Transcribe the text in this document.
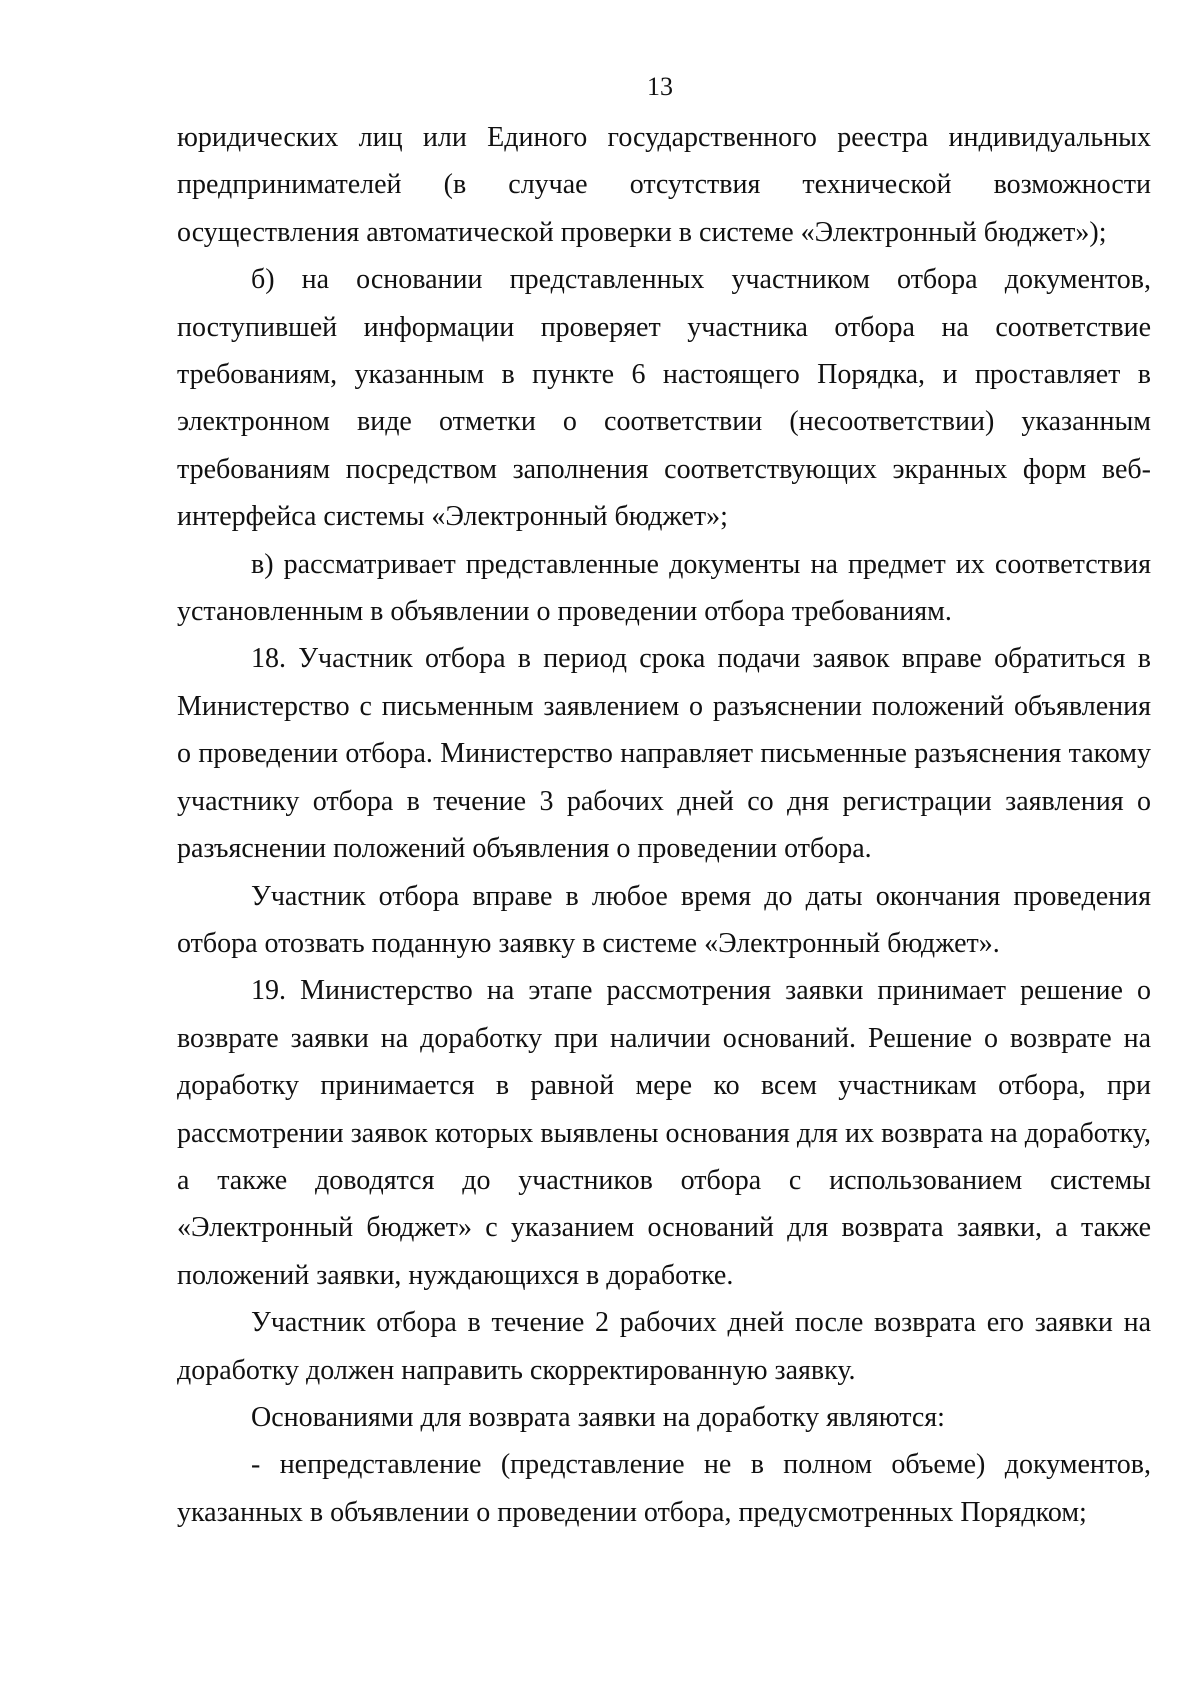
13

юридических лиц или Единого государственного реестра индивидуальных предпринимателей (в случае отсутствия технической возможности осуществления автоматической проверки в системе «Электронный бюджет»);

б) на основании представленных участником отбора документов, поступившей информации проверяет участника отбора на соответствие требованиям, указанным в пункте 6 настоящего Порядка, и проставляет в электронном виде отметки о соответствии (несоответствии) указанным требованиям посредством заполнения соответствующих экранных форм веб-интерфейса системы «Электронный бюджет»;

в) рассматривает представленные документы на предмет их соответствия установленным в объявлении о проведении отбора требованиям.

18. Участник отбора в период срока подачи заявок вправе обратиться в Министерство с письменным заявлением о разъяснении положений объявления о проведении отбора. Министерство направляет письменные разъяснения такому участнику отбора в течение 3 рабочих дней со дня регистрации заявления о разъяснении положений объявления о проведении отбора.

Участник отбора вправе в любое время до даты окончания проведения отбора отозвать поданную заявку в системе «Электронный бюджет».

19. Министерство на этапе рассмотрения заявки принимает решение о возврате заявки на доработку при наличии оснований. Решение о возврате на доработку принимается в равной мере ко всем участникам отбора, при рассмотрении заявок которых выявлены основания для их возврата на доработку, а также доводятся до участников отбора с использованием системы «Электронный бюджет» с указанием оснований для возврата заявки, а также положений заявки, нуждающихся в доработке.

Участник отбора в течение 2 рабочих дней после возврата его заявки на доработку должен направить скорректированную заявку.

Основаниями для возврата заявки на доработку являются:

- непредставление (представление не в полном объеме) документов, указанных в объявлении о проведении отбора, предусмотренных Порядком;
